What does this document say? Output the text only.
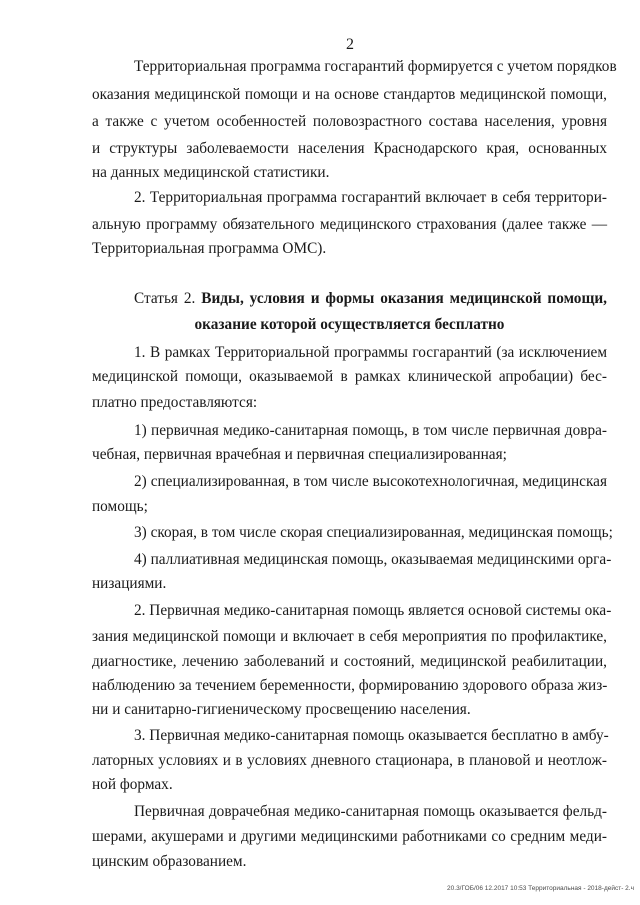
2
Территориальная программа госгарантий формируется с учетом порядков
оказания медицинской помощи и на основе стандартов медицинской помощи,
а также с учетом особенностей половозрастного состава населения, уровня
и структуры заболеваемости населения Краснодарского края, основанных
на данных медицинской статистики.
2. Территориальная программа госгарантий включает в себя территори-
альную программу обязательного медицинского страхования (далее также —
Территориальная программа ОМС).
Статья 2. Виды, условия и формы оказания медицинской помощи,
оказание которой осуществляется бесплатно
1. В рамках Территориальной программы госгарантий (за исключением
медицинской помощи, оказываемой в рамках клинической апробации) бес-
платно предоставляются:
1) первичная медико-санитарная помощь, в том числе первичная довра-
чебная, первичная врачебная и первичная специализированная;
2) специализированная, в том числе высокотехнологичная, медицинская
помощь;
3) скорая, в том числе скорая специализированная, медицинская помощь;
4) паллиативная медицинская помощь, оказываемая медицинскими орга-
низациями.
2. Первичная медико-санитарная помощь является основой системы ока-
зания медицинской помощи и включает в себя мероприятия по профилактике,
диагностике, лечению заболеваний и состояний, медицинской реабилитации,
наблюдению за течением беременности, формированию здорового образа жиз-
ни и санитарно-гигиеническому просвещению населения.
3. Первичная медико-санитарная помощь оказывается бесплатно в амбу-
латорных условиях и в условиях дневного стационара, в плановой и неотлож-
ной формах.
Первичная доврачебная медико-санитарная помощь оказывается фельд-
шерами, акушерами и другими медицинскими работниками со средним меди-
цинским образованием.
20.3/ГОБ/06 12.2017 10:53 Территориальная - 2018-дейст- 2.ч
